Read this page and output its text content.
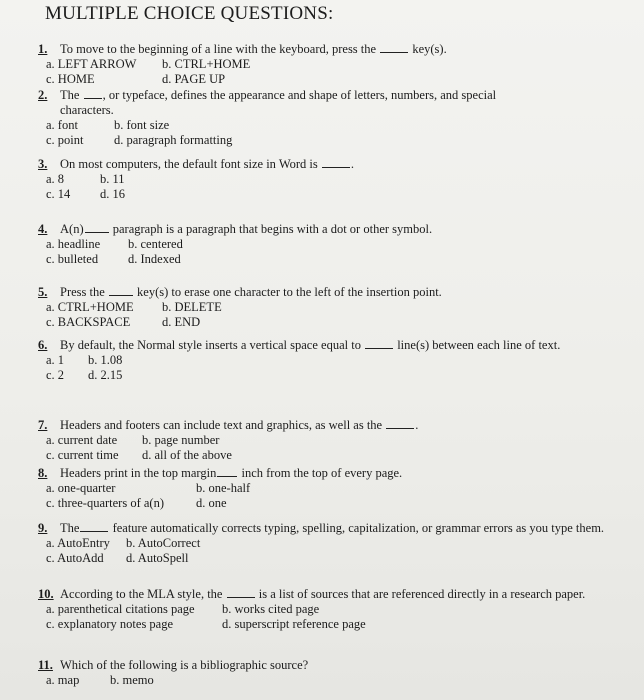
MULTIPLE CHOICE QUESTIONS:
1. To move to the beginning of a line with the keyboard, press the	key(s).
a. LEFT ARROW b. CTRL+HOME
c. HOME	d. PAGE UP
2. The , or typeface, defines the appearance and shape of letters, numbers, and special characters.
a. font	b. font size
c. point d. paragraph formatting
3. On most computers, the default font size in Word is	.
a. 8	b. 11
c. 14 d. 16
4. A(n) paragraph is a paragraph that begins with a dot or other symbol.
a. headline b. centered
c. bulleted d. Indexed
5. Press the	key(s) to erase one character to the left of the insertion point.
a. CTRL+HOME b. DELETE
c. BACKSPACE	d. END
6. By default, the Normal style inserts a vertical space equal to	line(s) between each line of text.
a. 1 b. 1.08
c. 2 d. 2.15
7. Headers and footers can include text and graphics, as well as the	.
a. current date b. page number
c. current time d. all of the above
8. Headers print in the top margin inch from the top of every page.
a. one-quarter	b. one-half
c. three-quarters of a(n)	d. one
9. The	feature automatically corrects typing, spelling, capitalization, or grammar errors as you type them.
a. AutoEntry b. AutoCorrect
c. AutoAdd d. AutoSpell
10. According to the MLA style, the	is a list of sources that are referenced directly in a research paper.
a. parenthetical citations page b. works cited page
c. explanatory notes page	d. superscript reference page
11. Which of the following is a bibliographic source?
a. map b. memo
